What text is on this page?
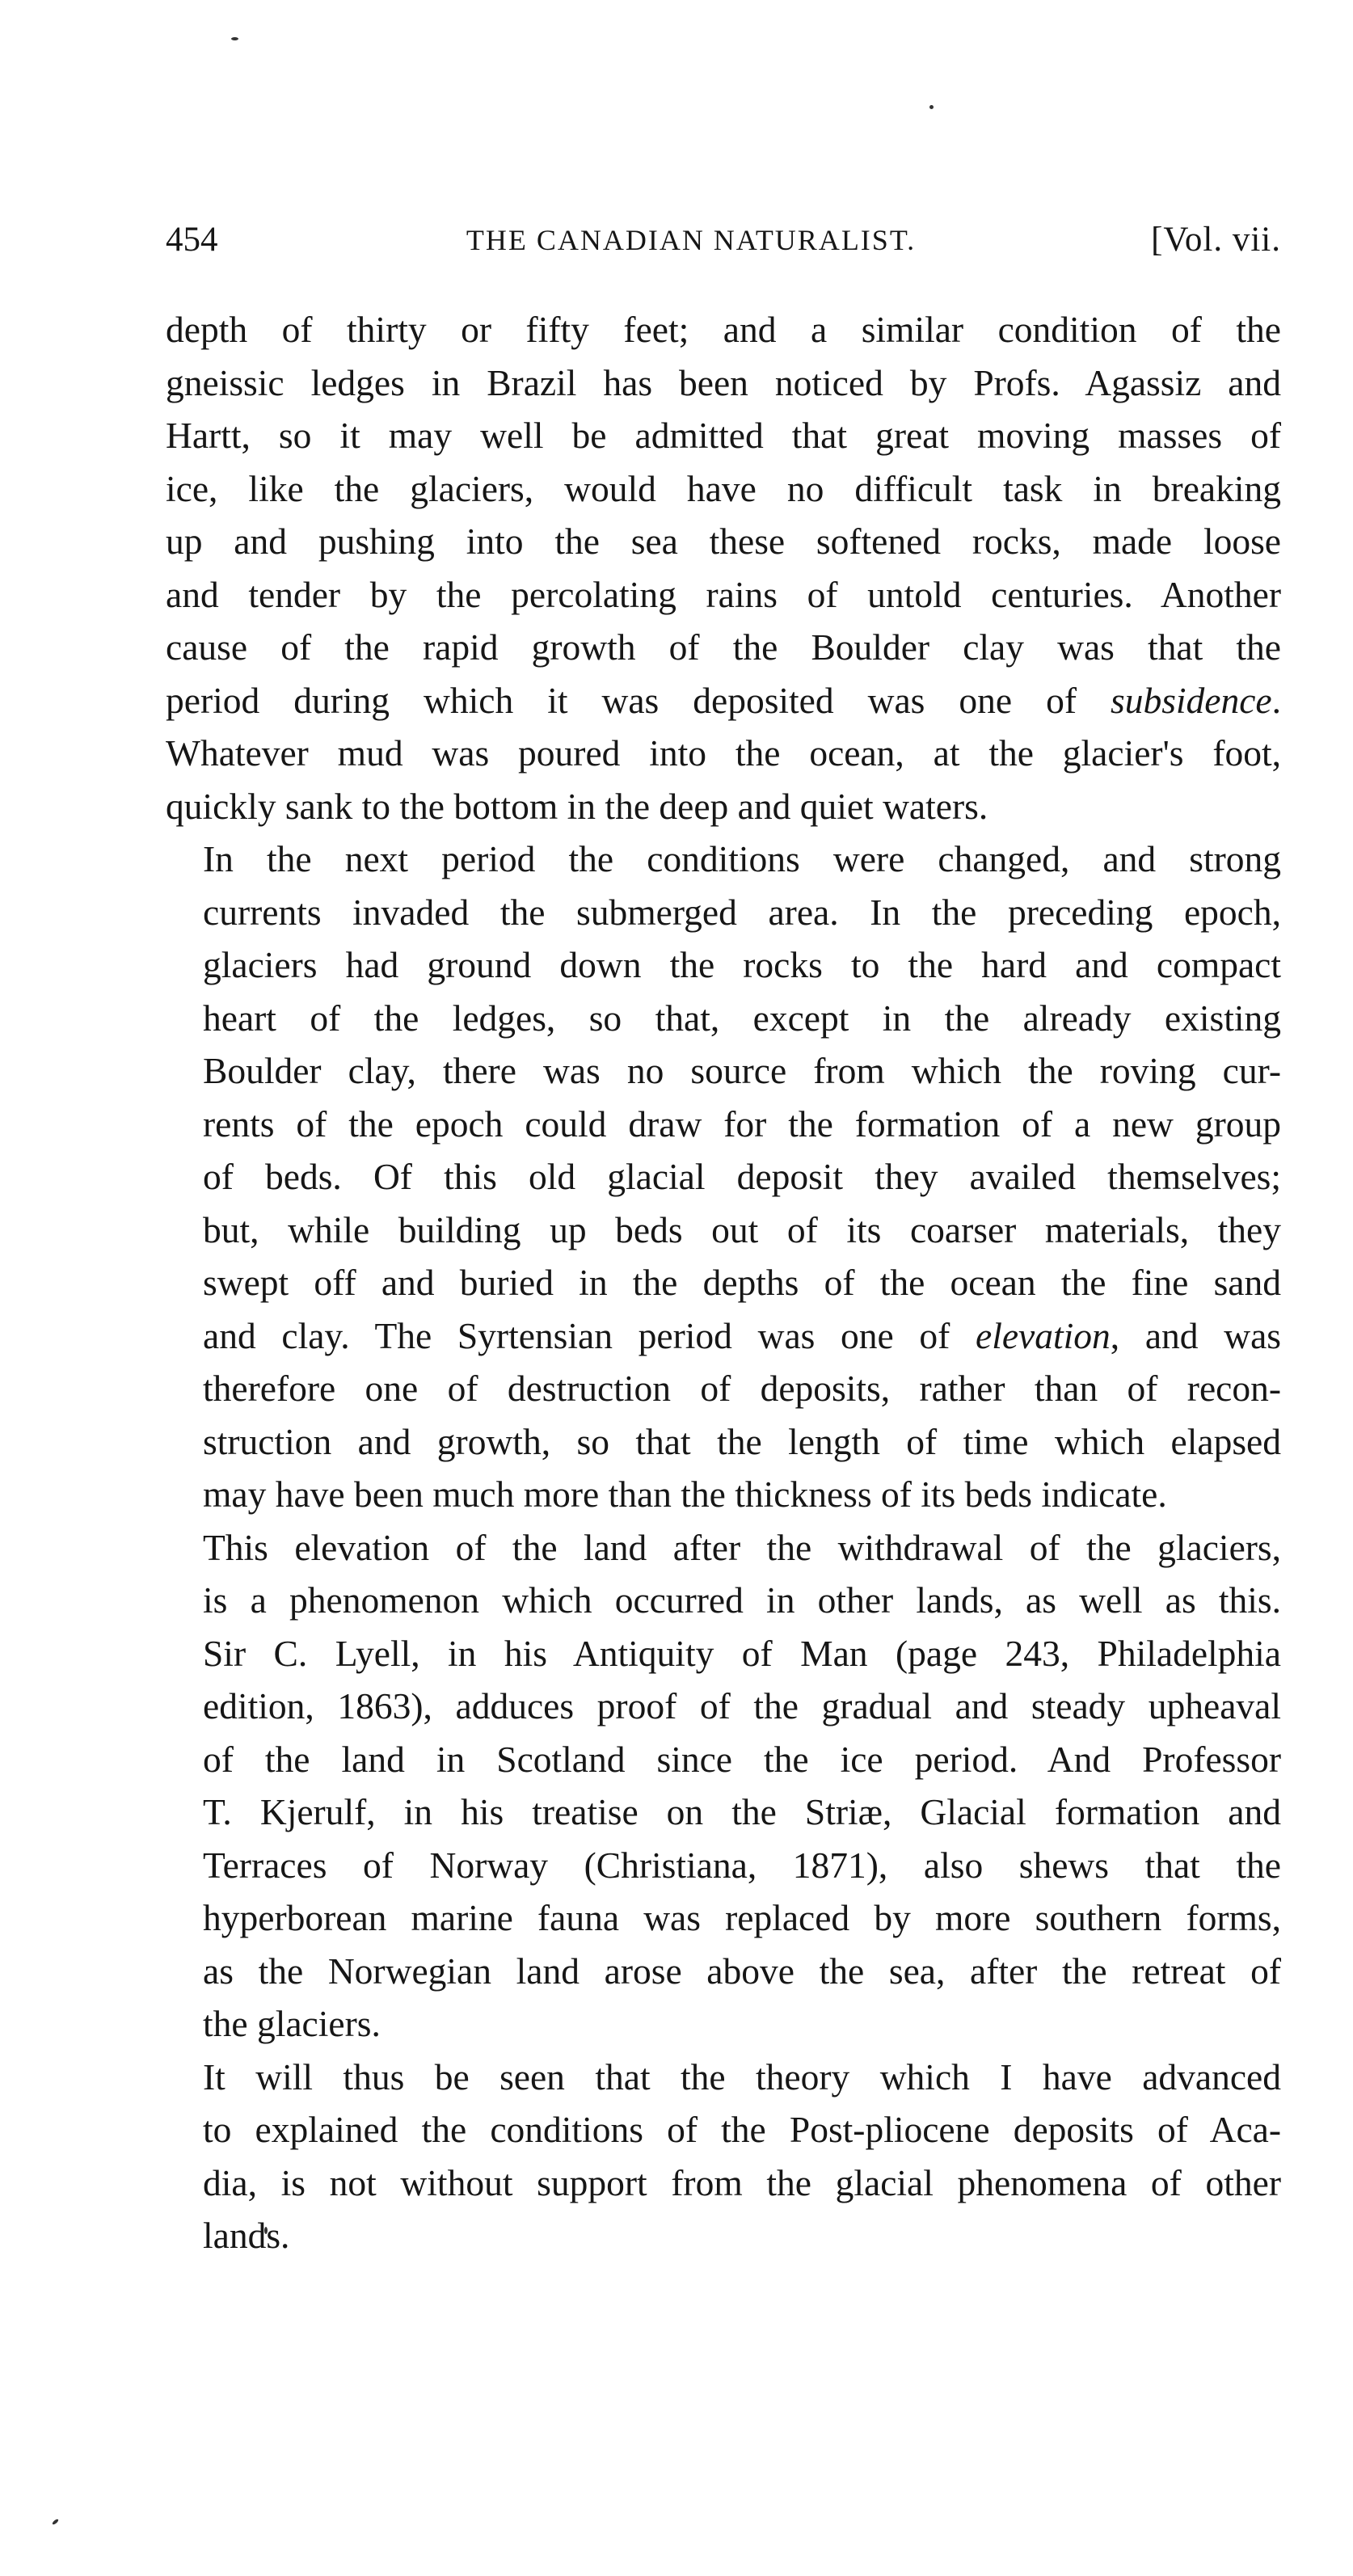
454	THE CANADIAN NATURALIST.	[Vol. vii.

depth of thirty or fifty feet; and a similar condition of the
gneissic ledges in Brazil has been noticed by Profs. Agassiz and
Hartt, so it may well be admitted that great moving masses of
ice, like the glaciers, would have no difficult task in breaking
up and pushing into the sea these softened rocks, made loose
and tender by the percolating rains of untold centuries. Another
cause of the rapid growth of the Boulder clay was that the
period during which it was deposited was one of subsidence.
Whatever mud was poured into the ocean, at the glacier's foot,
quickly sank to the bottom in the deep and quiet waters.

In the next period the conditions were changed, and strong
currents invaded the submerged area. In the preceding epoch,
glaciers had ground down the rocks to the hard and compact
heart of the ledges, so that, except in the already existing
Boulder clay, there was no source from which the roving cur-
rents of the epoch could draw for the formation of a new group
of beds. Of this old glacial deposit they availed themselves;
but, while building up beds out of its coarser materials, they
swept off and buried in the depths of the ocean the fine sand
and clay. The Syrtensian period was one of elevation, and was
therefore one of destruction of deposits, rather than of recon-
struction and growth, so that the length of time which elapsed
may have been much more than the thickness of its beds indicate.

This elevation of the land after the withdrawal of the glaciers,
is a phenomenon which occurred in other lands, as well as this.
Sir C. Lyell, in his Antiquity of Man (page 243, Philadelphia
edition, 1863), adduces proof of the gradual and steady upheaval
of the land in Scotland since the ice period. And Professor
T. Kjerulf, in his treatise on the Striæ, Glacial formation and
Terraces of Norway (Christiana, 1871), also shews that the
hyperborean marine fauna was replaced by more southern forms,
as the Norwegian land arose above the sea, after the retreat of
the glaciers.

It will thus be seen that the theory which I have advanced
to explained the conditions of the Post-pliocene deposits of Aca-
dia, is not without support from the glacial phenomena of other
lands.
